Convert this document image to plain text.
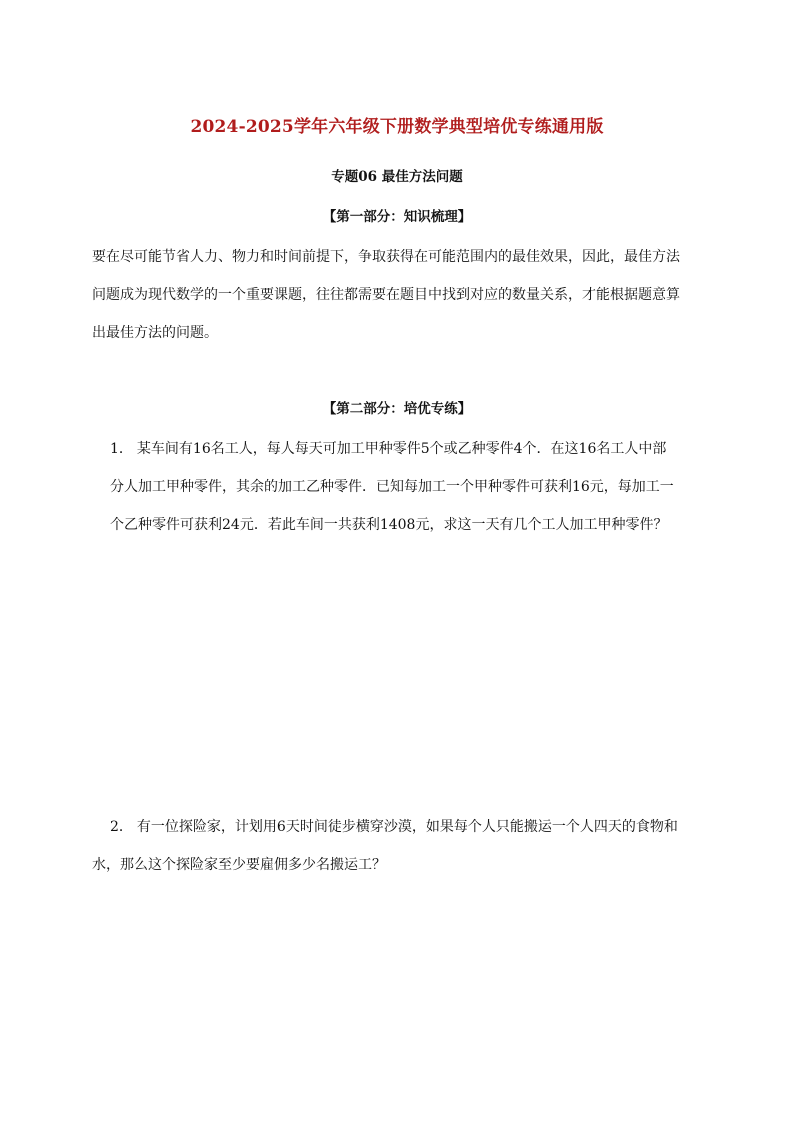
2024-2025学年六年级下册数学典型培优专练通用版
专题06 最佳方法问题
【第一部分：知识梳理】
要在尽可能节省人力、物力和时间前提下，争取获得在可能范围内的最佳效果，因此，最佳方法
问题成为现代数学的一个重要课题，往往都需要在题目中找到对应的数量关系，才能根据题意算
出最佳方法的问题。
【第二部分：培优专练】
1． 某车间有16名工人，每人每天可加工甲种零件5个或乙种零件4个．在这16名工人中部
分人加工甲种零件，其余的加工乙种零件．已知每加工一个甲种零件可获利16元，每加工一
个乙种零件可获利24元．若此车间一共获利1408元，求这一天有几个工人加工甲种零件？
2． 有一位探险家，计划用6天时间徒步横穿沙漠，如果每个人只能搬运一个人四天的食物和
水，那么这个探险家至少要雇佣多少名搬运工？
